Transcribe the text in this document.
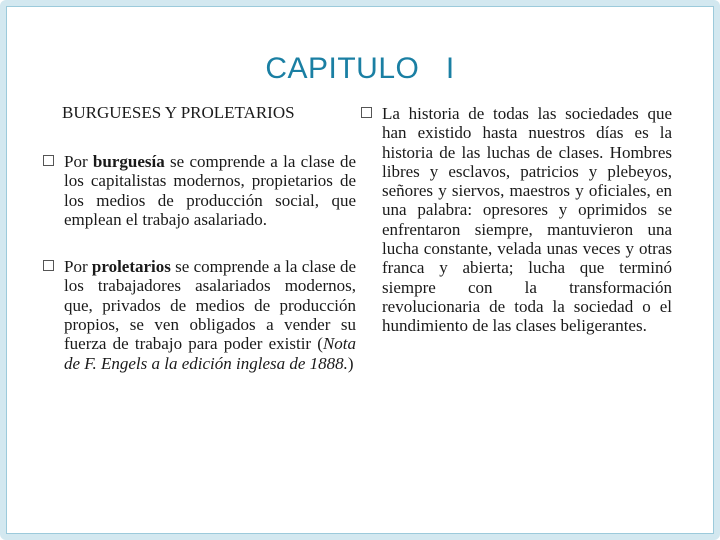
CAPITULO   I
BURGUESES Y PROLETARIOS

Por burguesía se comprende a la clase de los capitalistas modernos, propietarios de los medios de producción social, que emplean el trabajo asalariado.

Por proletarios se comprende a la clase de los trabajadores asalariados modernos, que, privados de medios de producción propios, se ven obligados a vender su fuerza de trabajo para poder existir (Nota de F. Engels a la edición inglesa de 1888.)

La historia de todas las sociedades que han existido hasta nuestros días es la historia de las luchas de clases. Hombres libres y esclavos, patricios y plebeyos, señores y siervos, maestros y oficiales, en una palabra: opresores y oprimidos se enfrentaron siempre, mantuvieron una lucha constante, velada unas veces y otras franca y abierta; lucha que terminó siempre con la transformación revolucionaria de toda la sociedad o el hundimiento de las clases beligerantes.
